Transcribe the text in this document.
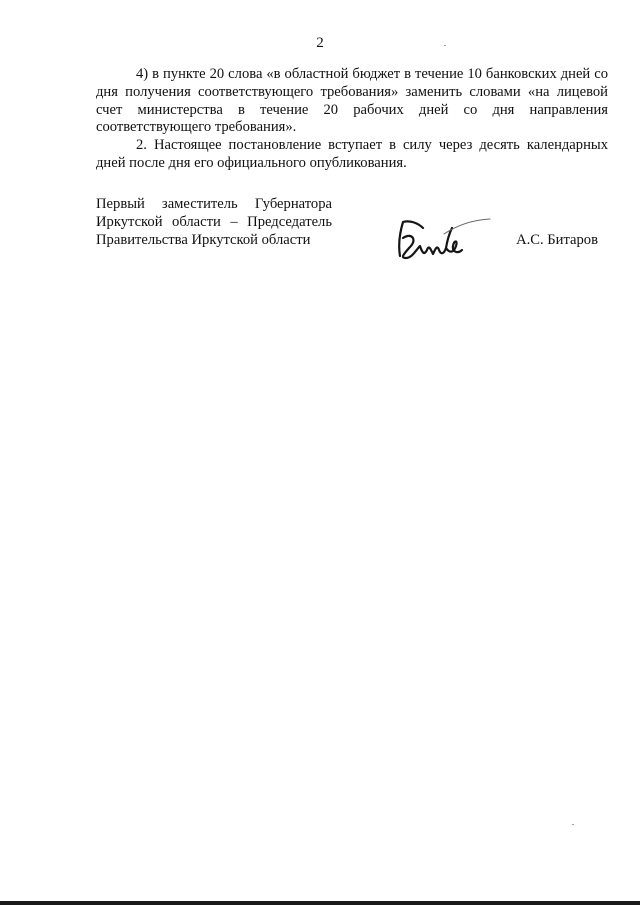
2

4) в пункте 20 слова «в областной бюджет в течение 10 банковских дней со дня получения соответствующего требования» заменить словами «на лицевой счет министерства в течение 20 рабочих дней со дня направления соответствующего требования».

2. Настоящее постановление вступает в силу через десять календарных дней после дня его официального опубликования.

Первый заместитель Губернатора
Иркутской области – Председатель
Правительства Иркутской области	А.С. Битаров
